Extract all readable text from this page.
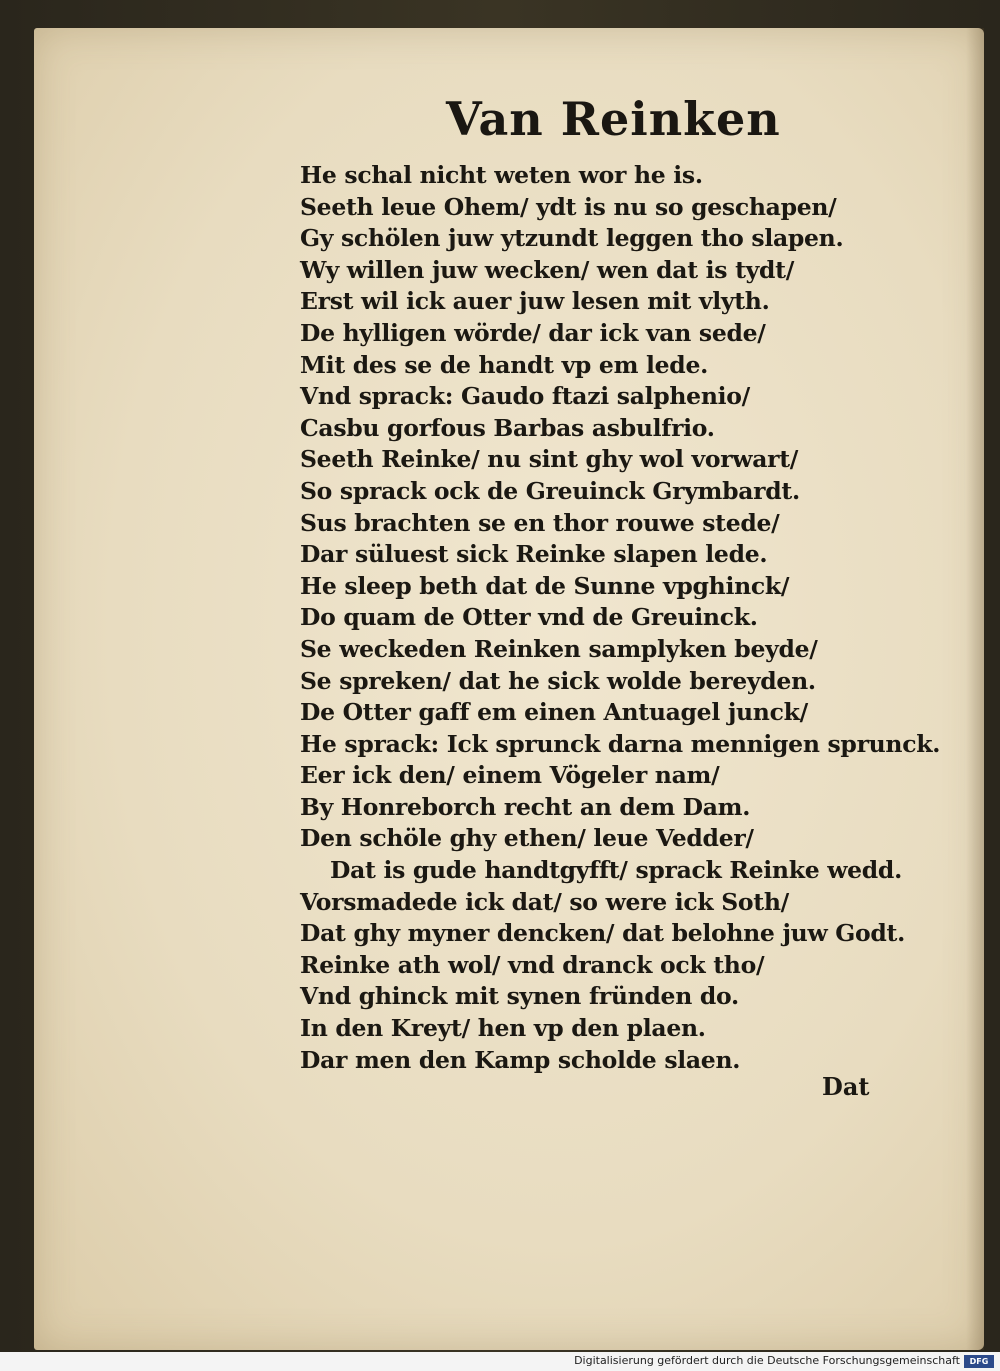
Van Reinken
He schal nicht weten wor he is.
Seeth leue Ohem/ ydt is nu so geschapen/
Gy schölen juw ytzundt leggen tho slapen.
Wy willen juw wecken/ wen dat is tydt/
Erst wil ick auer juw lesen mit vlyth.
De hylligen wörde/ dar ick van sede/
Mit des se de handt vp em lede.
Vnd sprack: Gaudo ftazi salphenio/
Casbu gorfous Barbas asbulfrio.
Seeth Reinke/ nu sint ghy wol vorwart/
So sprack ock de Greuinck Grymbardt.
Sus brachten se en thor rouwe stede/
Dar süluest sick Reinke slapen lede.
He sleep beth dat de Sunne vpghinck/
Do quam de Otter vnd de Greuinck.
Se weckeden Reinken samplyken beyde/
Se spreken/ dat he sick wolde bereyden.
De Otter gaff em einen Antuagel junck/
He sprack: Ick sprunck darna mennigen sprunck.
Eer ick den/ einem Vögeler nam/
By Honreborch recht an dem Dam.
Den schöle ghy ethen/ leue Vedder/
Dat is gude handtgyfft/ sprack Reinke wedd.
Vorsmadede ick dat/ so were ick Soth/
Dat ghy myner dencken/ dat belohne juw Godt.
Reinke ath wol/ vnd dranck ock tho/
Vnd ghinck mit synen fründen do.
In den Kreyt/ hen vp den plaen.
Dar men den Kamp scholde slaen.
Dat
Digitalisierung gefördert durch die Deutsche Forschungsgemeinschaft	DFG
